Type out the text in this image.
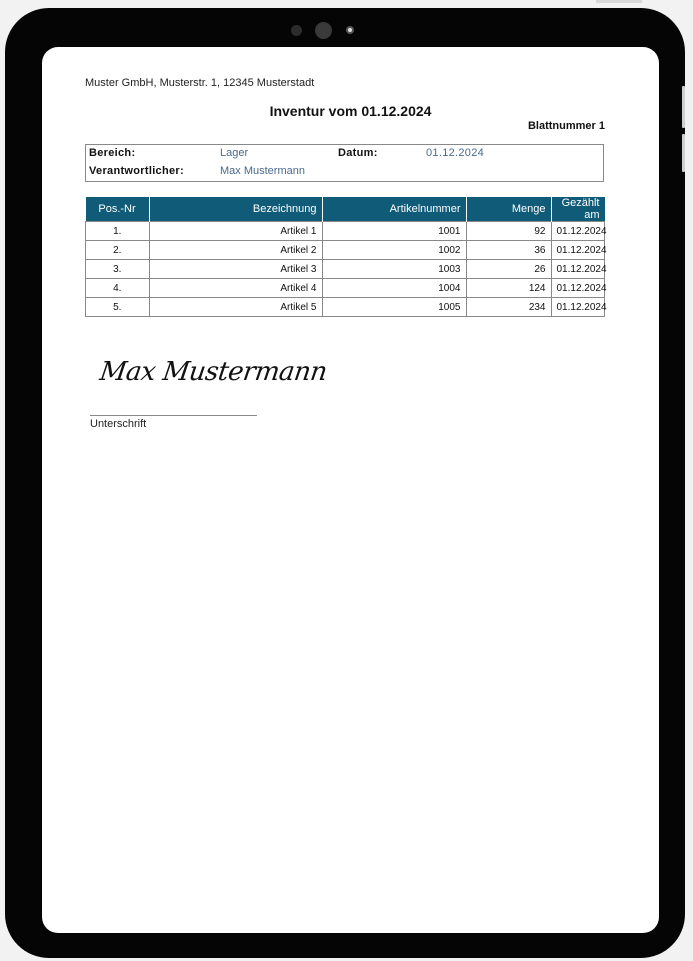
Muster GmbH, Musterstr. 1, 12345 Musterstadt
Inventur vom 01.12.2024
Blattnummer 1
Bereich:	Lager	Datum:	01.12.2024
Verantwortlicher:	Max Mustermann
Pos.-Nr	Bezeichnung	Artikelnummer	Menge	Gezählt am
1.	Artikel 1	1001	92	01.12.2024
2.	Artikel 2	1002	36	01.12.2024
3.	Artikel 3	1003	26	01.12.2024
4.	Artikel 4	1004	124	01.12.2024
5.	Artikel 5	1005	234	01.12.2024
Max Mustermann
Unterschrift
